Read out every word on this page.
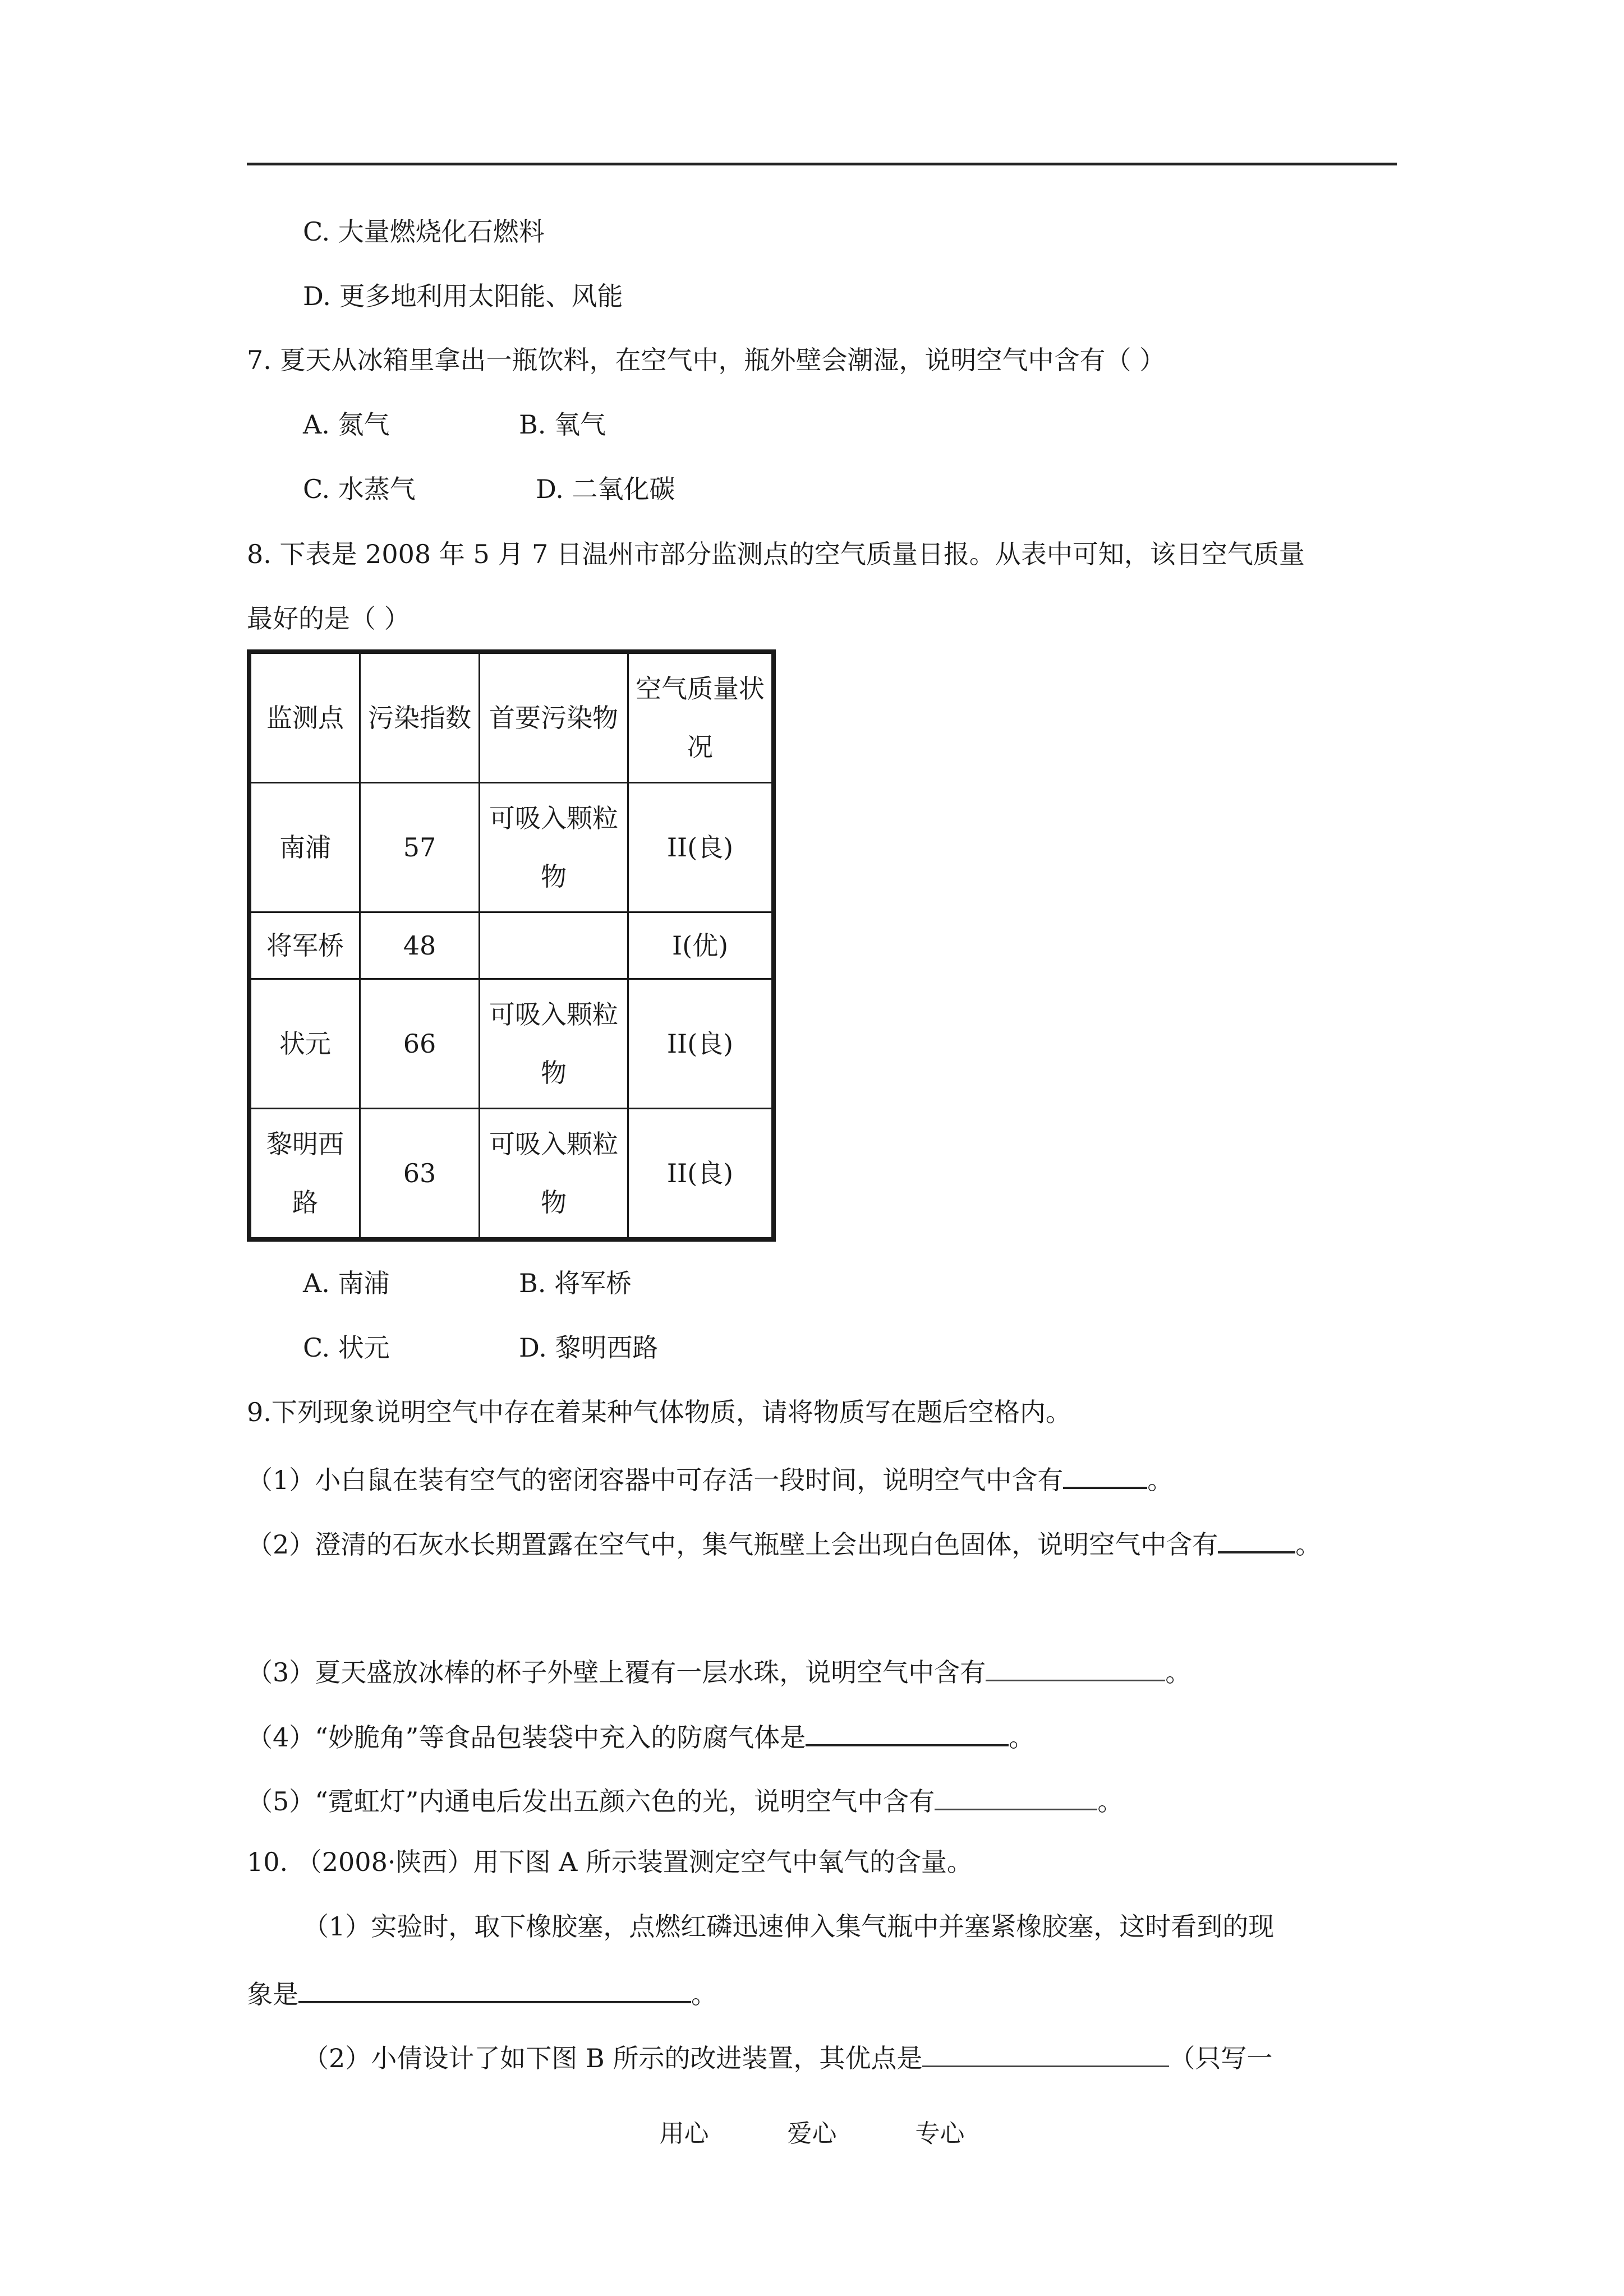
C. 大量燃烧化石燃料
D. 更多地利用太阳能、风能
7. 夏天从冰箱里拿出一瓶饮料，在空气中，瓶外壁会潮湿，说明空气中含有（ ）
A. 氮气	B. 氧气
C. 水蒸气	D. 二氧化碳
8. 下表是 2008 年 5 月 7 日温州市部分监测点的空气质量日报。从表中可知，该日空气质量
最好的是（ ）
监测点	污染指数	首要污染物	空气质量状况
南浦	57	可吸入颗粒物	II(良)
将军桥	48		I(优)
状元	66	可吸入颗粒物	II(良)
黎明西路	63	可吸入颗粒物	II(良)
A. 南浦	B. 将军桥
C. 状元	D. 黎明西路
9.下列现象说明空气中存在着某种气体物质，请将物质写在题后空格内。
（1）小白鼠在装有空气的密闭容器中可存活一段时间，说明空气中含有	。
（2）澄清的石灰水长期置露在空气中，集气瓶壁上会出现白色固体，说明空气中含有	。
（3）夏天盛放冰棒的杯子外壁上覆有一层水珠，说明空气中含有	。
（4）“妙脆角”等食品包装袋中充入的防腐气体是	。
（5）“霓虹灯”内通电后发出五颜六色的光，说明空气中含有	。
10. （2008·陕西）用下图 A 所示装置测定空气中氧气的含量。
（1）实验时，取下橡胶塞，点燃红磷迅速伸入集气瓶中并塞紧橡胶塞，这时看到的现
象是	。
（2）小倩设计了如下图 B 所示的改进装置，其优点是	（只写一
用心	爱心	专心
